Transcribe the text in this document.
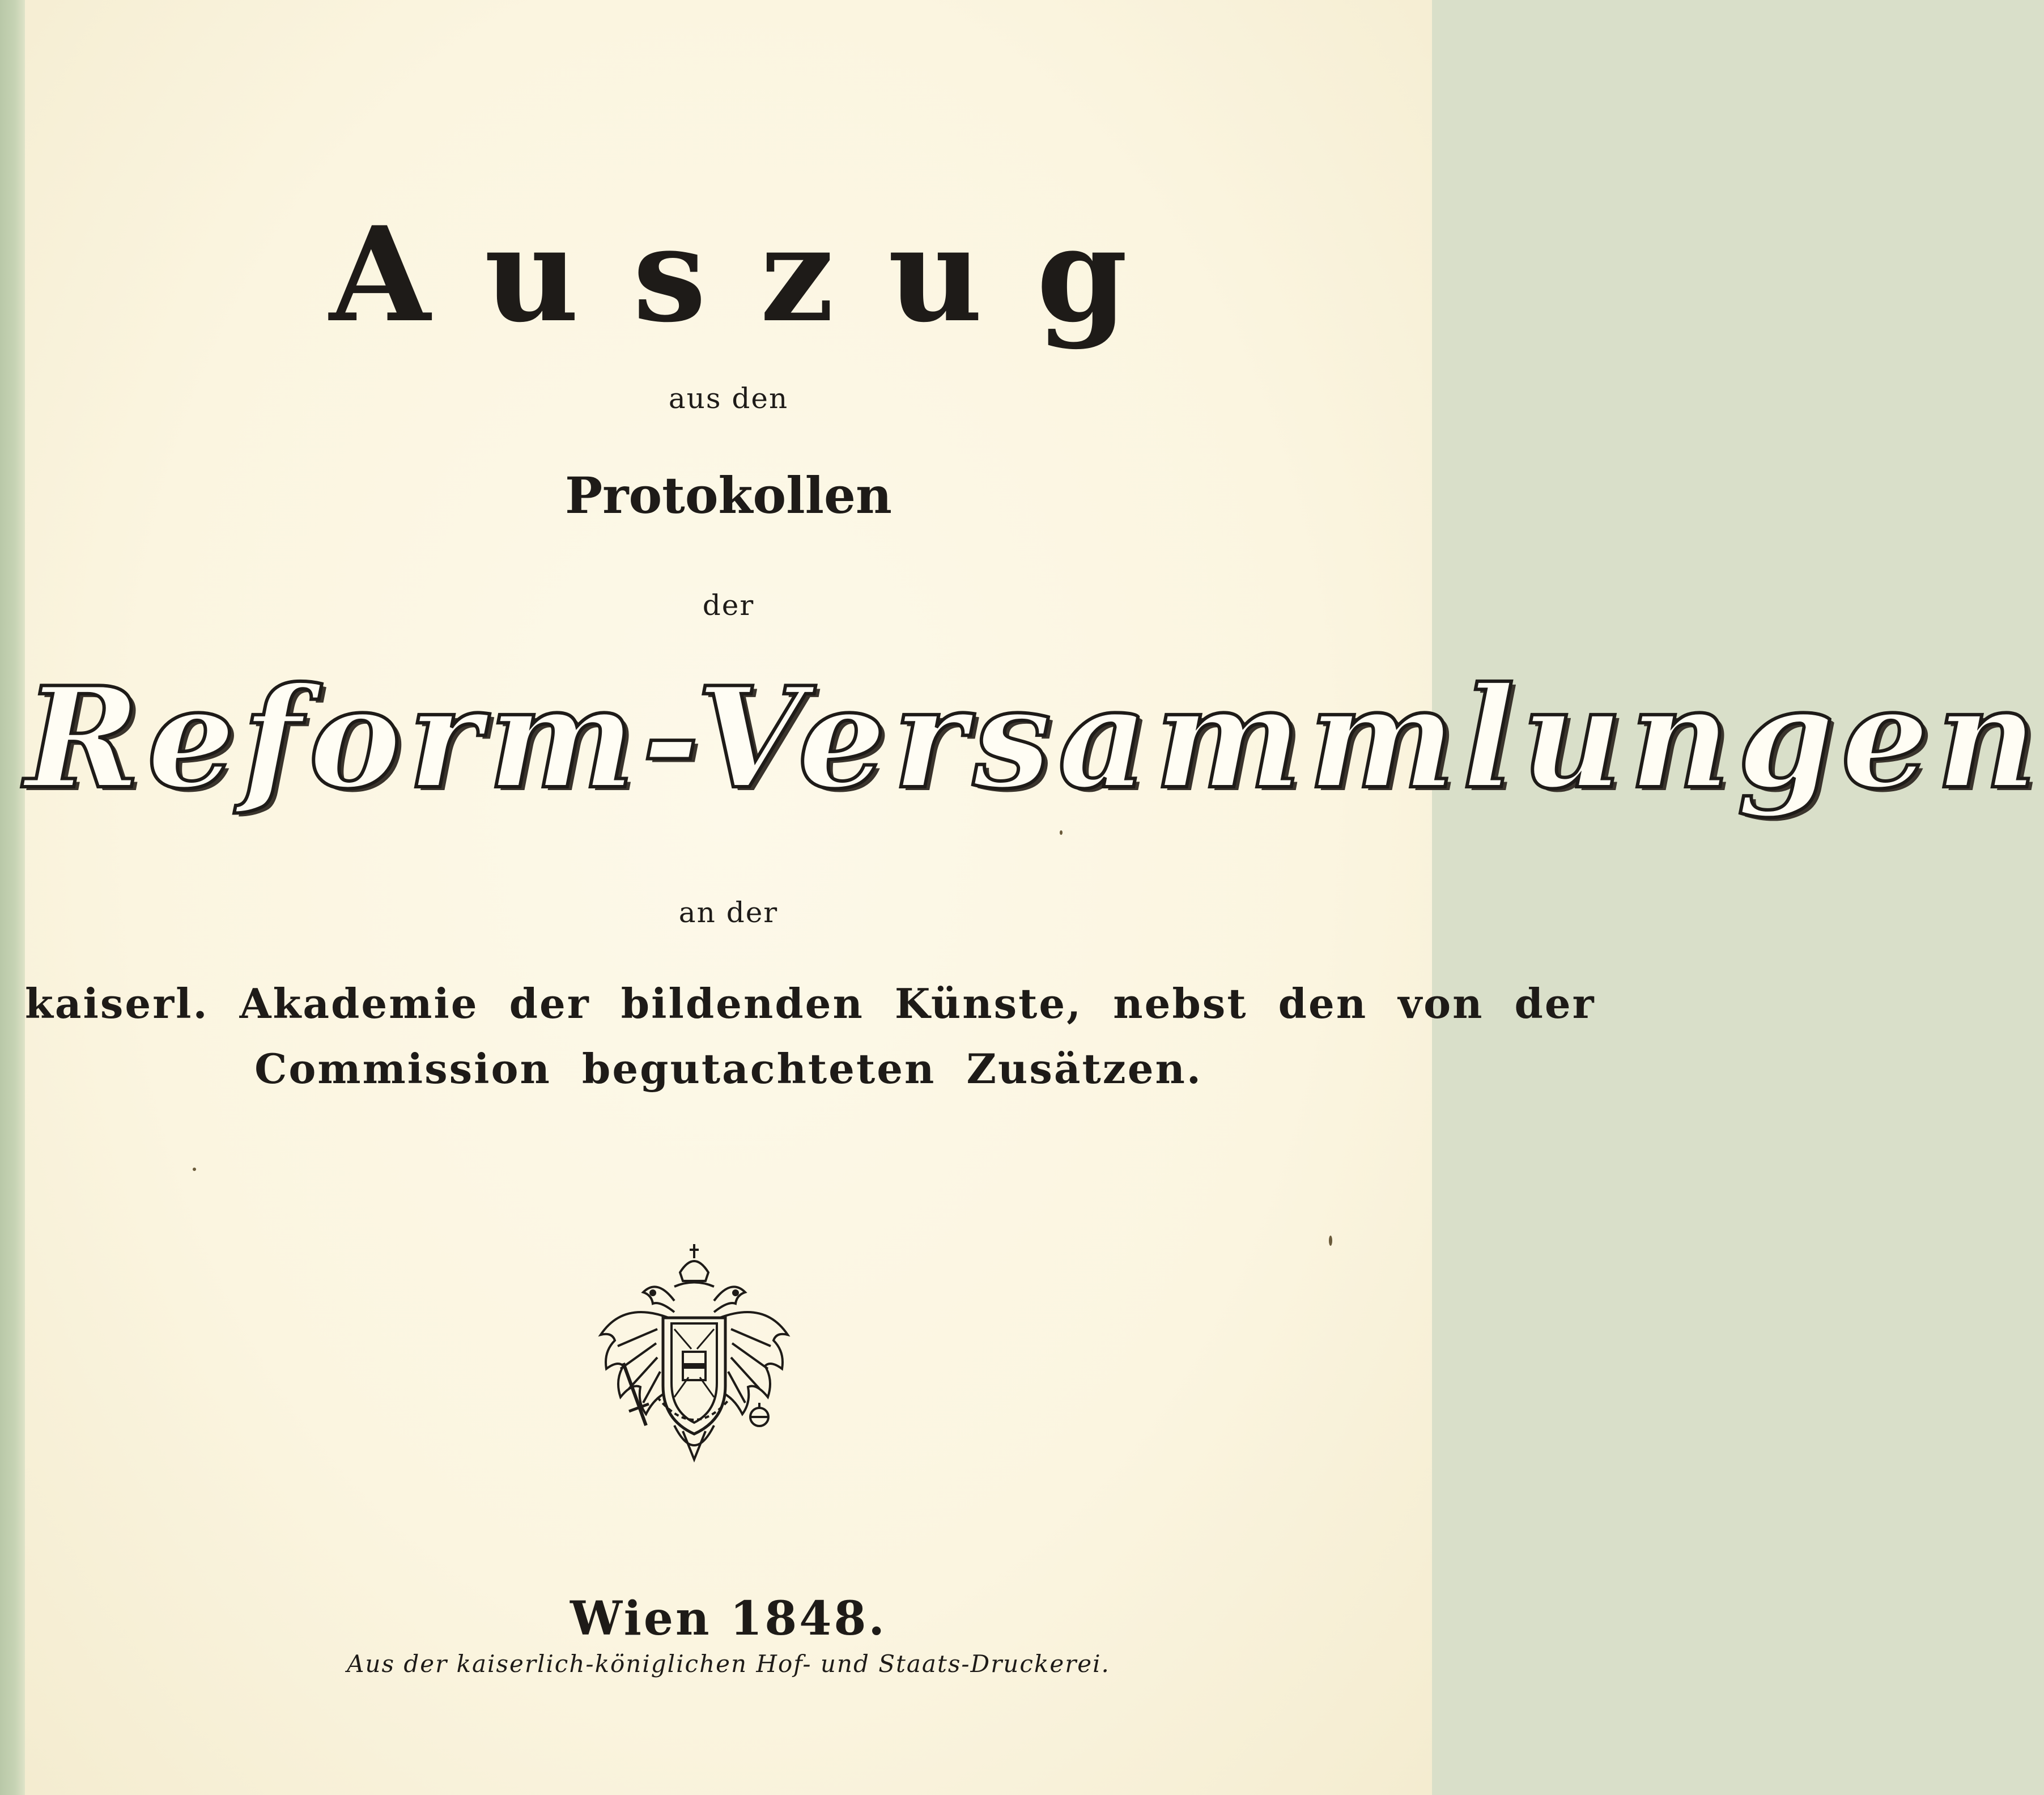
Auszug
aus den
Protokollen
der
Reform-Versammlungen
an der
kaiserl. Akademie der bildenden Künste, nebst den von der
Commission begutachteten Zusätzen.
Wien 1848.
Aus der kaiserlich-königlichen Hof- und Staats-Druckerei.
